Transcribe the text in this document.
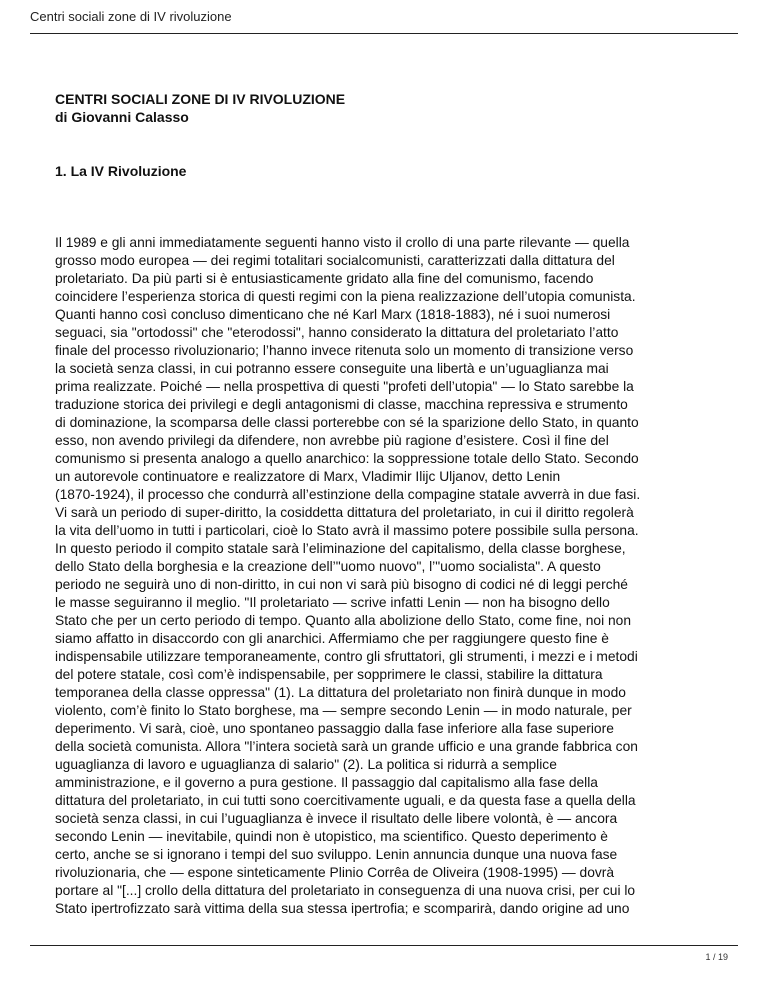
Centri sociali zone di IV rivoluzione
CENTRI SOCIALI ZONE DI IV RIVOLUZIONE
di Giovanni Calasso
1. La IV Rivoluzione

Il 1989 e gli anni immediatamente seguenti hanno visto il crollo di una parte rilevante — quella
grosso modo europea — dei regimi totalitari socialcomunisti, caratterizzati dalla dittatura del
proletariato. Da più parti si è entusiasticamente gridato alla fine del comunismo, facendo
coincidere l’esperienza storica di questi regimi con la piena realizzazione dell’utopia comunista.
Quanti hanno così concluso dimenticano che né Karl Marx (1818-1883), né i suoi numerosi
seguaci, sia "ortodossi" che "eterodossi", hanno considerato la dittatura del proletariato l’atto
finale del processo rivoluzionario; l’hanno invece ritenuta solo un momento di transizione verso
la società senza classi, in cui potranno essere conseguite una libertà e un’uguaglianza mai
prima realizzate. Poiché — nella prospettiva di questi "profeti dell’utopia" — lo Stato sarebbe la
traduzione storica dei privilegi e degli antagonismi di classe, macchina repressiva e strumento
di dominazione, la scomparsa delle classi porterebbe con sé la sparizione dello Stato, in quanto
esso, non avendo privilegi da difendere, non avrebbe più ragione d’esistere. Così il fine del
comunismo si presenta analogo a quello anarchico: la soppressione totale dello Stato. Secondo
un autorevole continuatore e realizzatore di Marx, Vladimir Ilijc Uljanov, detto Lenin
(1870-1924), il processo che condurrà all’estinzione della compagine statale avverrà in due fasi.
Vi sarà un periodo di super-diritto, la cosiddetta dittatura del proletariato, in cui il diritto regolerà
la vita dell’uomo in tutti i particolari, cioè lo Stato avrà il massimo potere possibile sulla persona.
In questo periodo il compito statale sarà l’eliminazione del capitalismo, della classe borghese,
dello Stato della borghesia e la creazione dell’"uomo nuovo", l’"uomo socialista". A questo
periodo ne seguirà uno di non-diritto, in cui non vi sarà più bisogno di codici né di leggi perché
le masse seguiranno il meglio. "Il proletariato — scrive infatti Lenin — non ha bisogno dello
Stato che per un certo periodo di tempo. Quanto alla abolizione dello Stato, come fine, noi non
siamo affatto in disaccordo con gli anarchici. Affermiamo che per raggiungere questo fine è
indispensabile utilizzare temporaneamente, contro gli sfruttatori, gli strumenti, i mezzi e i metodi
del potere statale, così com’è indispensabile, per sopprimere le classi, stabilire la dittatura
temporanea della classe oppressa" (1). La dittatura del proletariato non finirà dunque in modo
violento, com’è finito lo Stato borghese, ma — sempre secondo Lenin — in modo naturale, per
deperimento. Vi sarà, cioè, uno spontaneo passaggio dalla fase inferiore alla fase superiore
della società comunista. Allora "l’intera società sarà un grande ufficio e una grande fabbrica con
uguaglianza di lavoro e uguaglianza di salario" (2). La politica si ridurrà a semplice
amministrazione, e il governo a pura gestione. Il passaggio dal capitalismo alla fase della
dittatura del proletariato, in cui tutti sono coercitivamente uguali, e da questa fase a quella della
società senza classi, in cui l’uguaglianza è invece il risultato delle libere volontà, è — ancora
secondo Lenin — inevitabile, quindi non è utopistico, ma scientifico. Questo deperimento è
certo, anche se si ignorano i tempi del suo sviluppo. Lenin annuncia dunque una nuova fase
rivoluzionaria, che — espone sinteticamente Plinio Corrêa de Oliveira (1908-1995) — dovrà
portare al "[...] crollo della dittatura del proletariato in conseguenza di una nuova crisi, per cui lo
Stato ipertrofizzato sarà vittima della sua stessa ipertrofia; e scomparirà, dando origine ad uno

1 / 19
